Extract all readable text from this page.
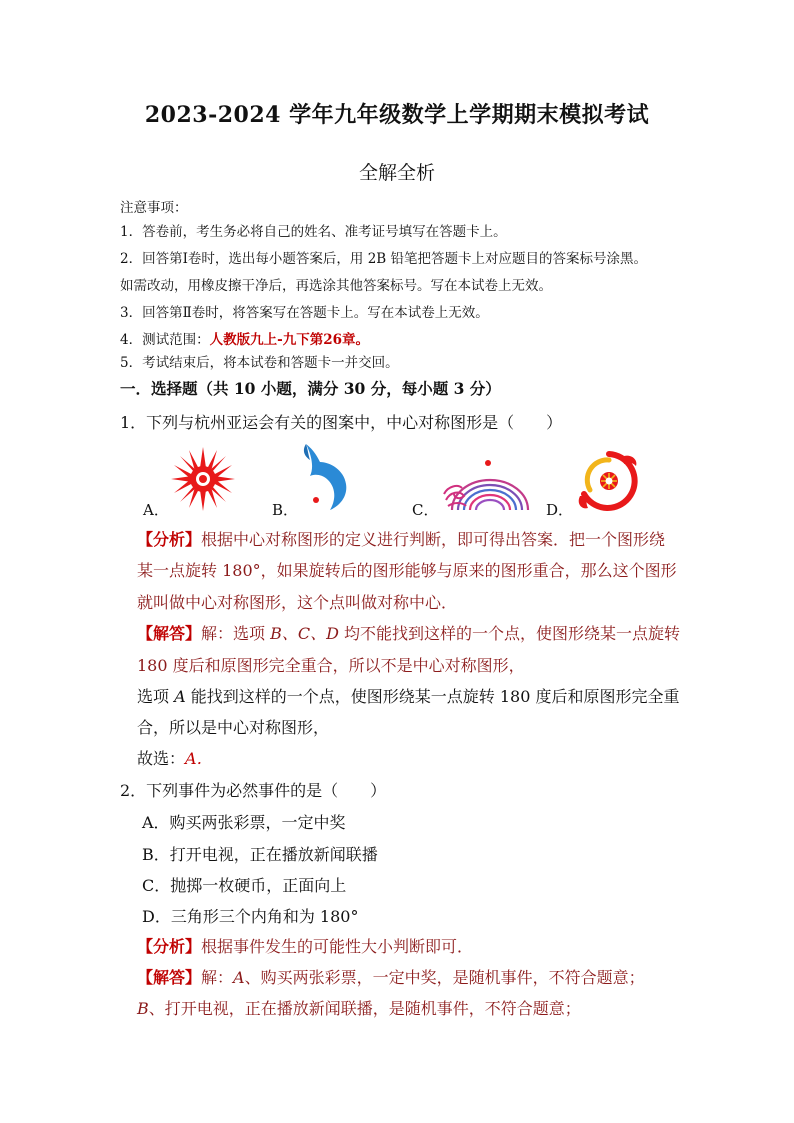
2023-2024 学年九年级数学上学期期末模拟考试
全解全析
注意事项：
1．答卷前，考生务必将自己的姓名、准考证号填写在答题卡上。
2．回答第Ⅰ卷时，选出每小题答案后，用 2B 铅笔把答题卡上对应题目的答案标号涂黑。
如需改动，用橡皮擦干净后，再选涂其他答案标号。写在本试卷上无效。
3．回答第Ⅱ卷时，将答案写在答题卡上。写在本试卷上无效。
4．测试范围：人教版九上-九下第26章。
5．考试结束后，将本试卷和答题卡一并交回。
一．选择题（共 10 小题，满分 30 分，每小题 3 分）
1．下列与杭州亚运会有关的图案中，中心对称图形是（　　）
A．	B．	C．	D．
【分析】根据中心对称图形的定义进行判断，即可得出答案．把一个图形绕
某一点旋转 180°，如果旋转后的图形能够与原来的图形重合，那么这个图形
就叫做中心对称图形，这个点叫做对称中心．
【解答】解：选项 B、C、D 均不能找到这样的一个点，使图形绕某一点旋转
180 度后和原图形完全重合，所以不是中心对称图形，
选项 A 能找到这样的一个点，使图形绕某一点旋转 180 度后和原图形完全重
合，所以是中心对称图形，
故选：A．
2．下列事件为必然事件的是（　　）
A．购买两张彩票，一定中奖
B．打开电视，正在播放新闻联播
C．抛掷一枚硬币，正面向上
D．三角形三个内角和为 180°
【分析】根据事件发生的可能性大小判断即可．
【解答】解：A、购买两张彩票，一定中奖，是随机事件，不符合题意；
B、打开电视，正在播放新闻联播，是随机事件，不符合题意；
